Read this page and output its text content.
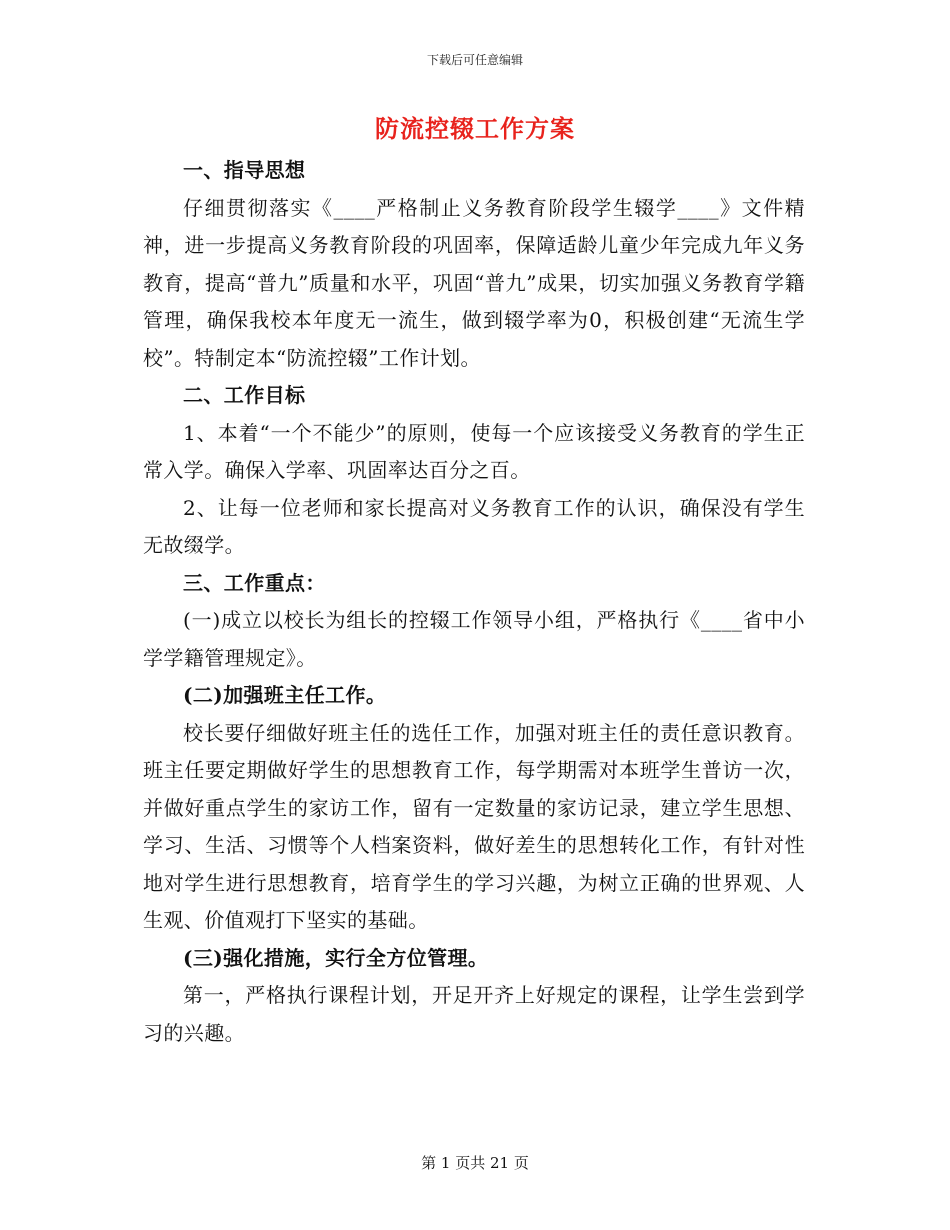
下载后可任意编辑
防流控辍工作方案

一、指导思想

仔细贯彻落实《____严格制止义务教育阶段学生辍学____》文件精神，进一步提高义务教育阶段的巩固率，保障适龄儿童少年完成九年义务教育，提高“普九”质量和水平，巩固“普九”成果，切实加强义务教育学籍管理，确保我校本年度无一流生，做到辍学率为0，积极创建“无流生学校”。特制定本“防流控辍”工作计划。

二、工作目标

1、本着“一个不能少”的原则，使每一个应该接受义务教育的学生正常入学。确保入学率、巩固率达百分之百。

2、让每一位老师和家长提高对义务教育工作的认识，确保没有学生无故缀学。

三、工作重点：

(一)成立以校长为组长的控辍工作领导小组，严格执行《____省中小学学籍管理规定》。

(二)加强班主任工作。

校长要仔细做好班主任的选任工作，加强对班主任的责任意识教育。班主任要定期做好学生的思想教育工作，每学期需对本班学生普访一次，并做好重点学生的家访工作，留有一定数量的家访记录，建立学生思想、学习、生活、习惯等个人档案资料，做好差生的思想转化工作，有针对性地对学生进行思想教育，培育学生的学习兴趣，为树立正确的世界观、人生观、价值观打下坚实的基础。

(三)强化措施，实行全方位管理。

第一，严格执行课程计划，开足开齐上好规定的课程，让学生尝到学习的兴趣。

第 1 页共 21 页
